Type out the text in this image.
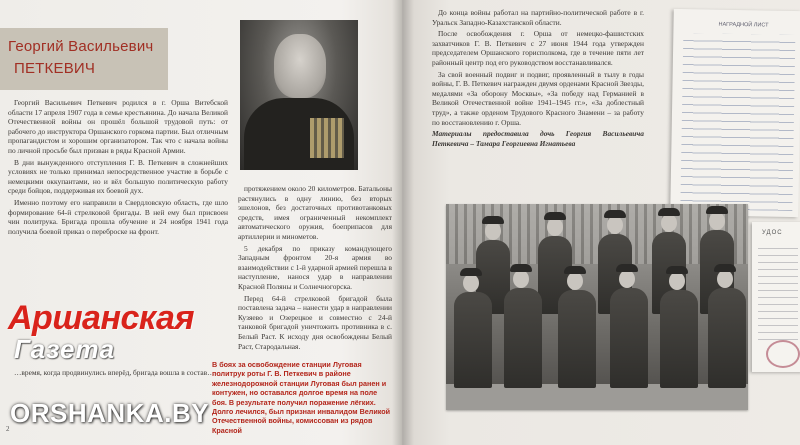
Георгий Васильевич
ПЕТКЕВИЧ

Георгий Васильевич Петкевич родился в г. Орша Витебской области 17 апреля 1907 года в семье крестьянина. До начала Великой Отечественной войны он прошёл большой трудовой путь: от рабочего до инструктора Оршанского горкома партии. Был отличным пропагандистом и хорошим организатором. Так что с начала войны по личной просьбе был призван в ряды Красной Армии.

В дни вынужденного отступления Г. В. Петкевич в сложнейших условиях не только принимал непосредственное участие в борьбе с немецкими оккупантами, но и вёл большую политическую работу среди бойцов, поддерживая их боевой дух.

Именно поэтому его направили в Свердловскую область, где шло формирование 64-й стрелковой бригады. В ней ему был присвоен чин политрука. Бригада прошла обучение и 24 ноября 1941 года получила боевой приказ о переброске на фронт.

…время, когда продвинулись вперёд, бригада вошла в состав…

протяжением около 20 километров. Батальоны растянулись в одну линию, без вторых эшелонов, без достаточных противотанковых средств, имея ограниченный некомплект автоматического оружия, боеприпасов для артиллерии и минометов.

5 декабря по приказу командующего Западным фронтом 20-я армия во взаимодействии с 1-й ударной армией перешла в наступление, нанося удар в направлении Красной Поляны и Солнечногорска.

Перед 64-й стрелковой бригадой была поставлена задача – нанести удар в направлении Кузяево и Озерецкое и совместно с 24-й танковой бригадой уничтожить противника в с. Белый Раст. К исходу дня освобождены Белый Раст, Стародальная.

В боях за освобождение станции Луговая политрук роты Г. В. Петкевич в районе железнодорожной станции Луговая был ранен и контужен, но оставался долгое время на поле боя. В результате получил поражение лёгких. Долго лечился, был признан инвалидом Великой Отечественной войны, комиссован из рядов Красной

До конца войны работал на партийно-политической работе в г. Уральск Западно-Казахстанской области.

После освобождения г. Орша от немецко-фашистских захватчиков Г. В. Петкевич с 27 июня 1944 года утвержден председателем Оршанского горисполкома, где в течение пяти лет районный центр под его руководством восстанавливался.

За свой военный подвиг и подвиг, проявленный в тылу в годы войны, Г. В. Петкевич награжден двумя орденами Красной Звезды, медалями «За оборону Москвы», «За победу над Германией в Великой Отечественной войне 1941–1945 гг.», «За доблестный труд», а также орденом Трудового Красного Знамени – за работу по восстановлению г. Орша.

Материалы предоставила дочь Георгия Васильевича Петкевича – Тамара Георгиевна Игнатьева

НАГРАДНОЙ ЛИСТ
УДОС
Аршанская
Газета
ORSHANKA.BY
2
